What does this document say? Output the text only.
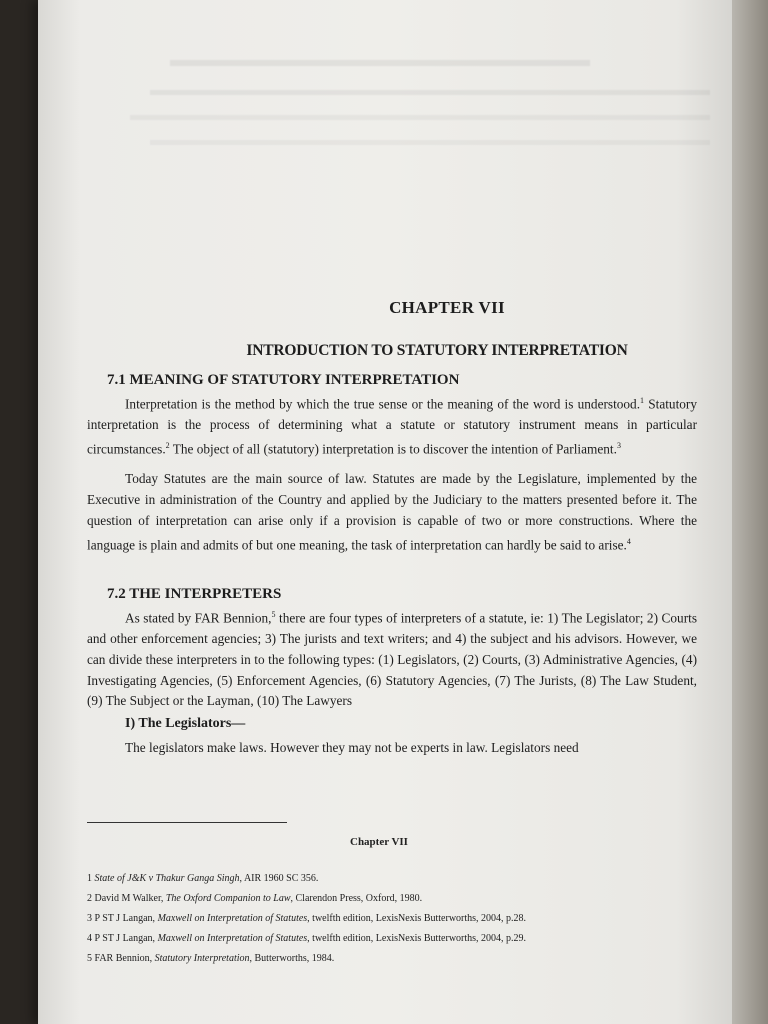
CHAPTER VII
INTRODUCTION TO STATUTORY INTERPRETATION
7.1 MEANING OF STATUTORY INTERPRETATION

Interpretation is the method by which the true sense or the meaning of the word is understood.$^1$ Statutory interpretation is the process of determining what a statute or statutory instrument means in particular circumstances.$^2$ The object of all (statutory) interpretation is to discover the intention of Parliament.$^3$

Today Statutes are the main source of law. Statutes are made by the Legislature, implemented by the Executive in administration of the Country and applied by the Judiciary to the matters presented before it. The question of interpretation can arise only if a provision is capable of two or more constructions. Where the language is plain and admits of but one meaning, the task of interpretation can hardly be said to arise.$^4$

7.2 THE INTERPRETERS

As stated by FAR Bennion,$^5$ there are four types of interpreters of a statute, ie: 1) The Legislator; 2) Courts and other enforcement agencies; 3) The jurists and text writers; and 4) the subject and his advisors. However, we can divide these interpreters in to the following types: (1) Legislators, (2) Courts, (3) Administrative Agencies, (4) Investigating Agencies, (5) Enforcement Agencies, (6) Statutory Agencies, (7) The Jurists, (8) The Law Student, (9) The Subject or the Layman, (10) The Lawyers

I) The Legislators—

The legislators make laws. However they may not be experts in law. Legislators need

Chapter VII
1 State of J&K v Thakur Ganga Singh, AIR 1960 SC 356.
2 David M Walker, The Oxford Companion to Law, Clarendon Press, Oxford, 1980.
3 P ST J Langan, Maxwell on Interpretation of Statutes, twelfth edition, LexisNexis Butterworths, 2004, p.28.
4 P ST J Langan, Maxwell on Interpretation of Statutes, twelfth edition, LexisNexis Butterworths, 2004, p.29.
5 FAR Bennion, Statutory Interpretation, Butterworths, 1984.
